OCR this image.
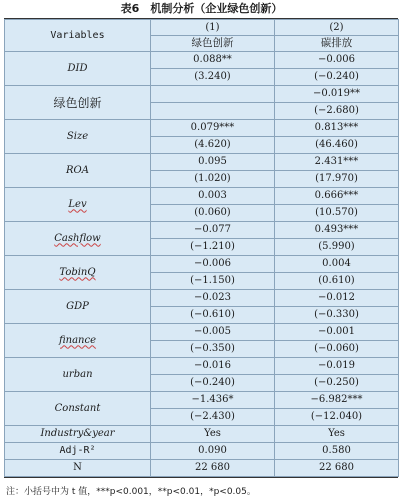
表6　机制分析（企业绿色创新）
Variables	(1)	(2)
	绿色创新	碳排放
DID	0.088**	−0.006
	(3.240)	(−0.240)
绿色创新		−0.019**
		(−2.680)
Size	0.079***	0.813***
	(4.620)	(46.460)
ROA	0.095	2.431***
	(1.020)	(17.970)
Lev	0.003	0.666***
	(0.060)	(10.570)
Cashflow	−0.077	0.493***
	(−1.210)	(5.990)
TobinQ	−0.006	0.004
	(−1.150)	(0.610)
GDP	−0.023	−0.012
	(−0.610)	(−0.330)
finance	−0.005	−0.001
	(−0.350)	(−0.060)
urban	−0.016	−0.019
	(−0.240)	(−0.250)
Constant	−1.436*	−6.982***
	(−2.430)	(−12.040)
Industry&year	Yes	Yes
Adj-R²	0.090	0.580
N	22 680	22 680
注：小括号中为 t 值，***p<0.001，**p<0.01，*p<0.05。
